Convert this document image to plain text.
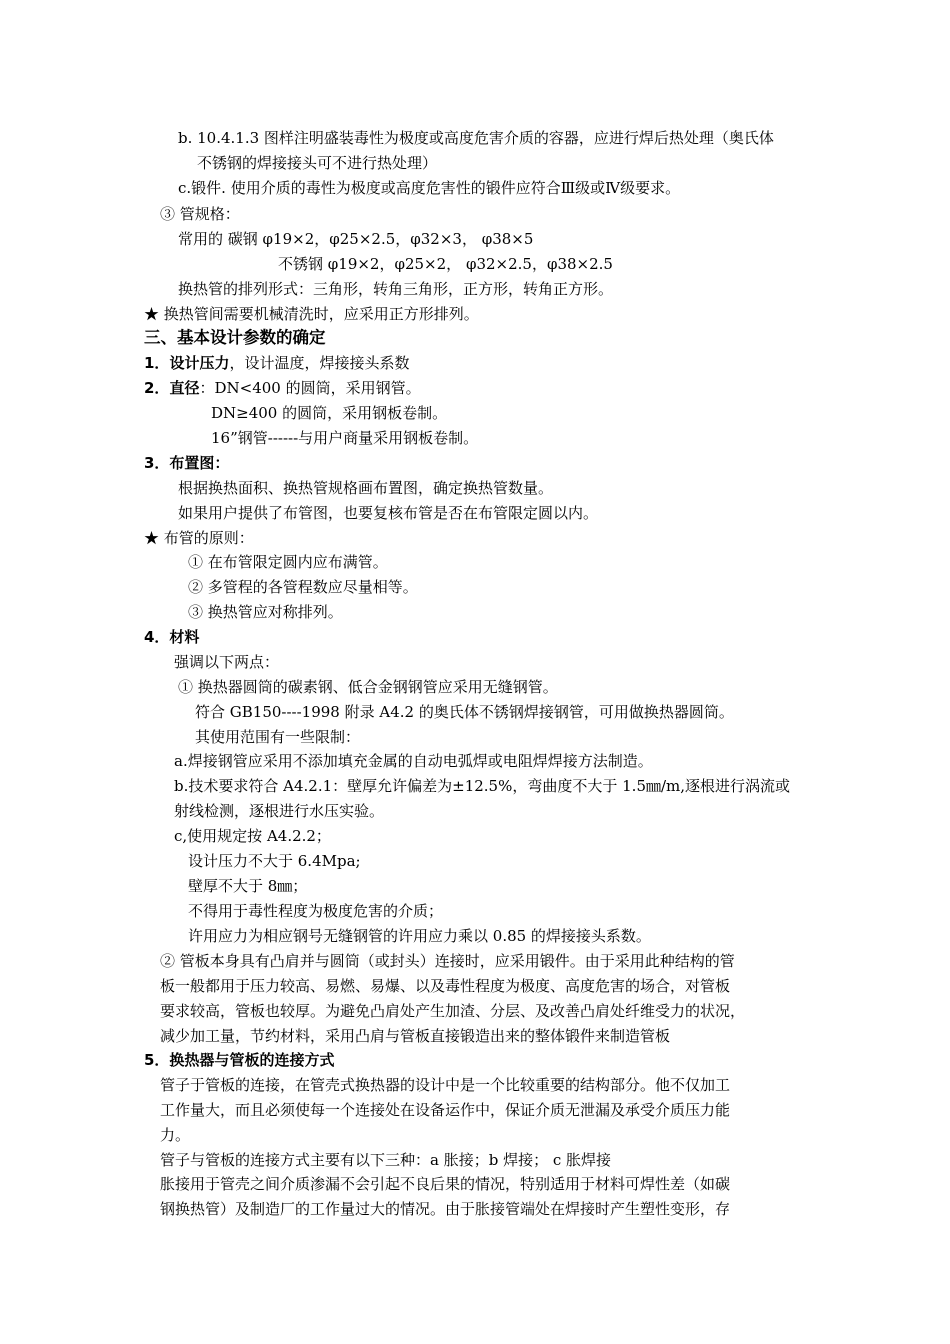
b. 10.4.1.3 图样注明盛装毒性为极度或高度危害介质的容器，应进行焊后热处理（奥氏体
不锈钢的焊接接头可不进行热处理）
c.锻件. 使用介质的毒性为极度或高度危害性的锻件应符合Ⅲ级或Ⅳ级要求。
③ 管规格：
常用的 碳钢 φ19×2，φ25×2.5，φ32×3， φ38×5
不锈钢 φ19×2，φ25×2， φ32×2.5，φ38×2.5
换热管的排列形式：三角形，转角三角形，正方形，转角正方形。
★ 换热管间需要机械清洗时，应采用正方形排列。
三、基本设计参数的确定
1．设计压力，设计温度，焊接接头系数
2．直径：DN<400 的圆筒，采用钢管。
DN≥400 的圆筒，采用钢板卷制。
16”钢管------与用户商量采用钢板卷制。
3．布置图：
根据换热面积、换热管规格画布置图，确定换热管数量。
如果用户提供了布管图，也要复核布管是否在布管限定圆以内。
★ 布管的原则：
① 在布管限定圆内应布满管。
② 多管程的各管程数应尽量相等。
③ 换热管应对称排列。
4．材料
强调以下两点：
① 换热器圆筒的碳素钢、低合金钢钢管应采用无缝钢管。
符合 GB150----1998 附录 A4.2 的奥氏体不锈钢焊接钢管，可用做换热器圆筒。
其使用范围有一些限制：
a.焊接钢管应采用不添加填充金属的自动电弧焊或电阻焊焊接方法制造。
b.技术要求符合 A4.2.1：壁厚允许偏差为±12.5%，弯曲度不大于 1.5㎜/m,逐根进行涡流或
射线检测，逐根进行水压实验。
c,使用规定按 A4.2.2；
设计压力不大于 6.4Mpa;
壁厚不大于 8㎜；
不得用于毒性程度为极度危害的介质；
许用应力为相应钢号无缝钢管的许用应力乘以 0.85 的焊接接头系数。
② 管板本身具有凸肩并与圆筒（或封头）连接时，应采用锻件。由于采用此种结构的管
板一般都用于压力较高、易燃、易爆、以及毒性程度为极度、高度危害的场合，对管板
要求较高，管板也较厚。为避免凸肩处产生加渣、分层、及改善凸肩处纤维受力的状况，
减少加工量，节约材料，采用凸肩与管板直接锻造出来的整体锻件来制造管板
5．换热器与管板的连接方式
管子于管板的连接，在管壳式换热器的设计中是一个比较重要的结构部分。他不仅加工
工作量大，而且必须使每一个连接处在设备运作中，保证介质无泄漏及承受介质压力能
力。
管子与管板的连接方式主要有以下三种：a 胀接；b 焊接； c 胀焊接
胀接用于管壳之间介质渗漏不会引起不良后果的情况，特别适用于材料可焊性差（如碳
钢换热管）及制造厂的工作量过大的情况。由于胀接管端处在焊接时产生塑性变形，存
